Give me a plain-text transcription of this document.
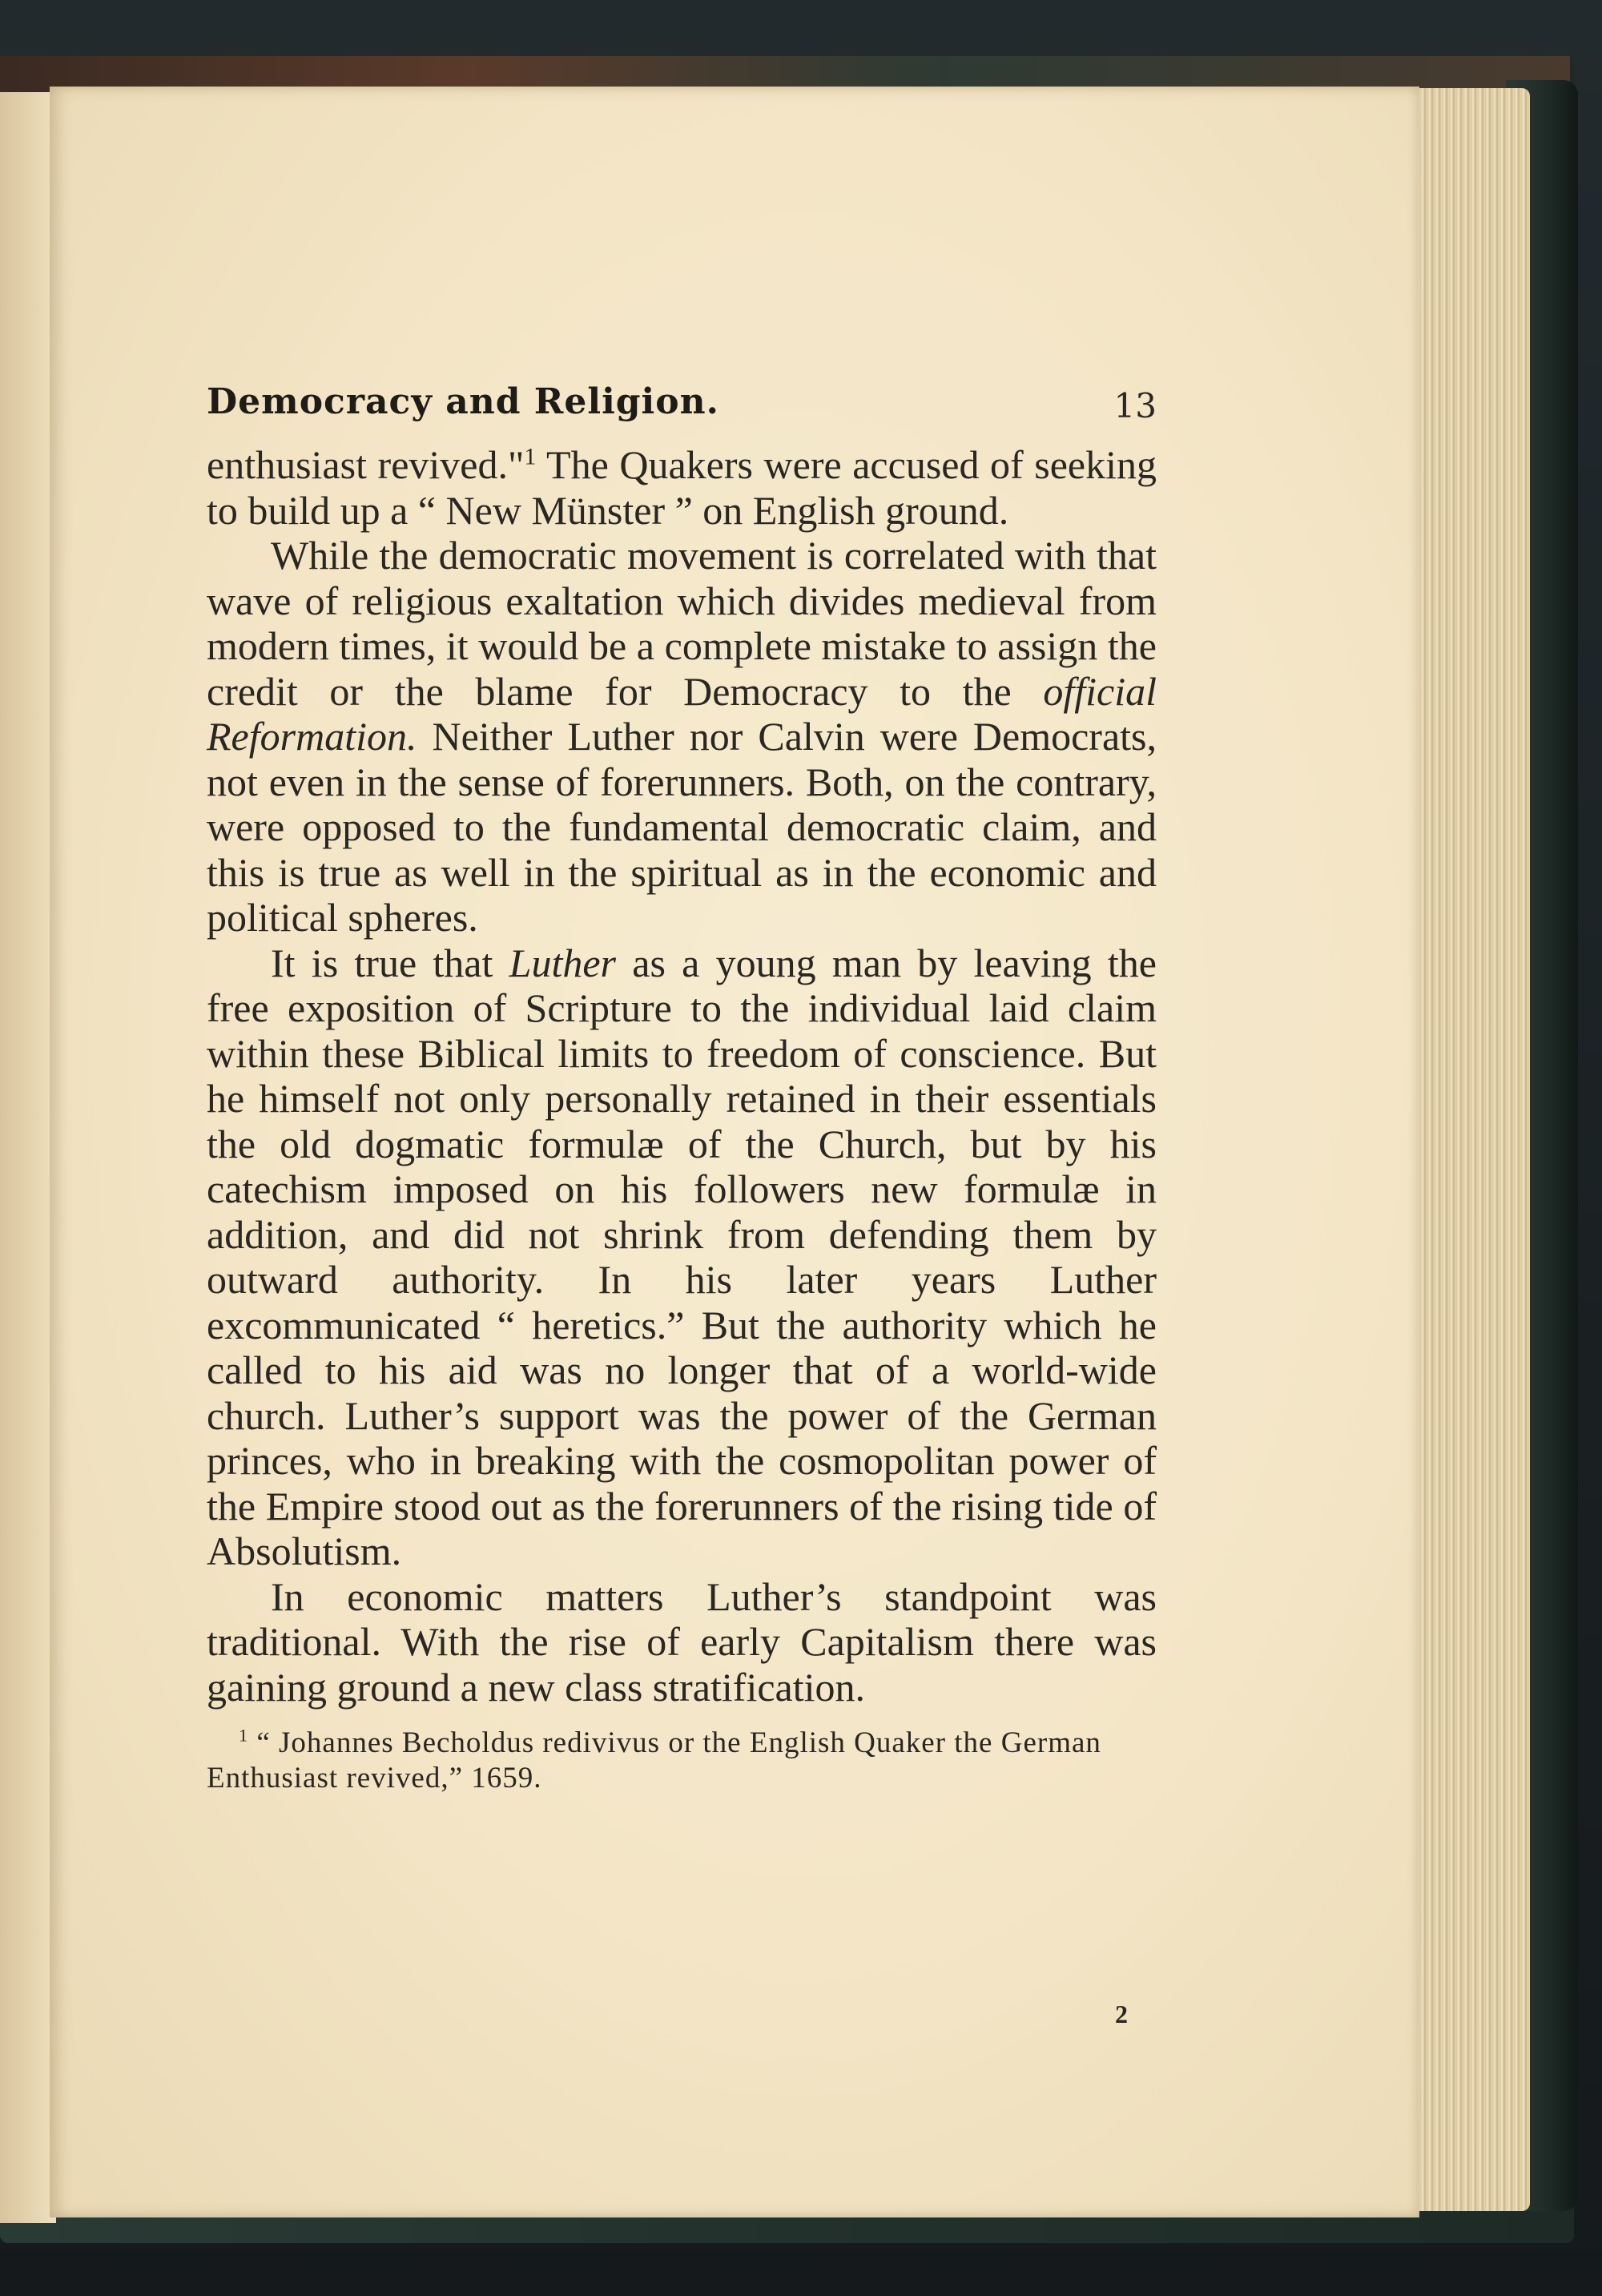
Democracy and Religion.	13

enthusiast revived."$^1$ The Quakers were accused of seeking to build up a “ New Münster ” on English ground.

While the democratic movement is correlated with that wave of religious exaltation which divides medieval from modern times, it would be a complete mistake to assign the credit or the blame for Democracy to the official Reformation. Neither Luther nor Calvin were Democrats, not even in the sense of forerunners. Both, on the contrary, were opposed to the fundamental democratic claim, and this is true as well in the spiritual as in the economic and political spheres.

It is true that Luther as a young man by leaving the free exposition of Scripture to the individual laid claim within these Biblical limits to freedom of conscience. But he himself not only personally retained in their essentials the old dogmatic formulæ of the Church, but by his catechism imposed on his followers new formulæ in addition, and did not shrink from defending them by outward authority. In his later years Luther excommunicated “ heretics.” But the authority which he called to his aid was no longer that of a world-wide church. Luther’s support was the power of the German princes, who in breaking with the cosmopolitan power of the Empire stood out as the forerunners of the rising tide of Absolutism.

In economic matters Luther’s standpoint was traditional. With the rise of early Capitalism there was gaining ground a new class stratification.

$^1$ “ Johannes Becholdus redivivus or the English Quaker the German Enthusiast revived,” 1659.

2
